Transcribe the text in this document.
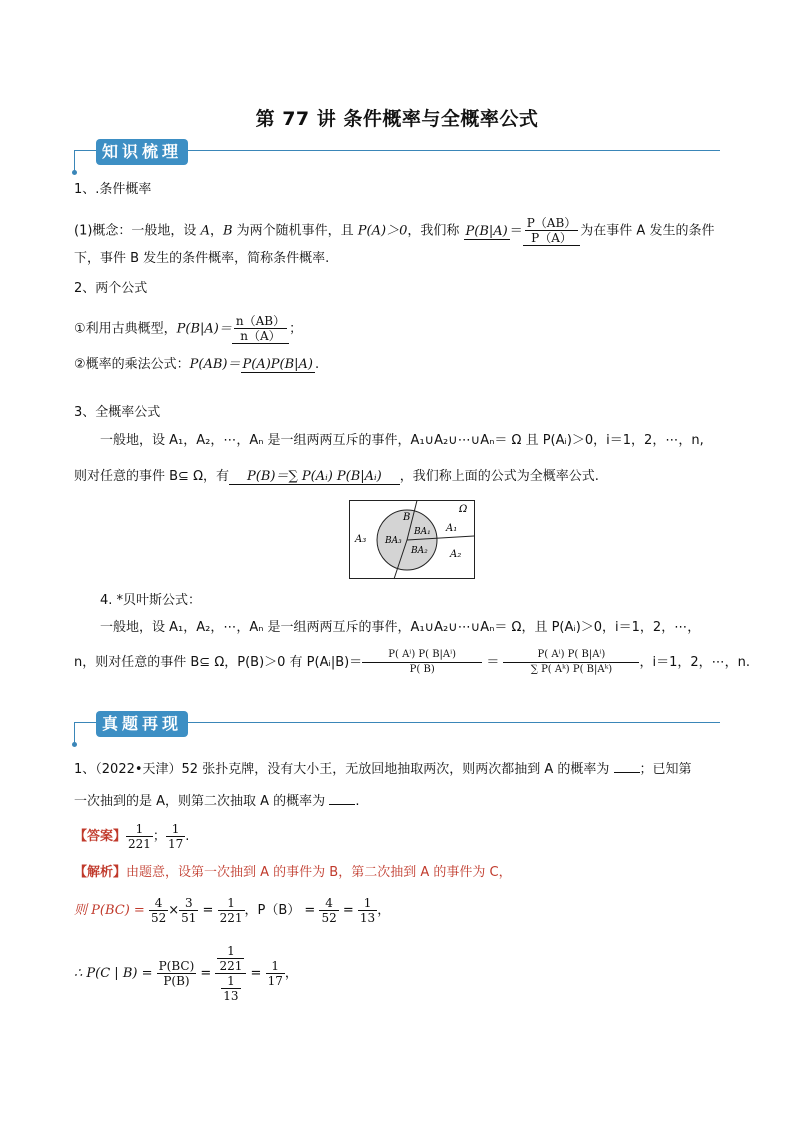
第 77 讲 条件概率与全概率公式
知识梳理
1、.条件概率
(1)概念：一般地，设 A，B 为两个随机事件，且 P(A)＞0，我们称 $P(B|A) = \frac{P(AB)}{P(A)}$ 为在事件 A 发生的条件
下，事件 B 发生的条件概率，简称条件概率.
2、两个公式
①利用古典概型，$P(B|A)= \frac{n(AB)}{n(A)}$ ；
②概率的乘法公式：P(AB)＝ P(A)P(B|A) .
3、全概率公式
一般地，设 A₁，A₂，⋯，Aₙ 是一组两两互斥的事件，A₁∪A₂∪⋯∪Aₙ＝ Ω 且 P(Aᵢ)＞0，i＝1，2，⋯，n,
则对任意的事件 B⊆ Ω，有 P(B)＝∑ P(Aᵢ) P(B|Aᵢ) ，我们称上面的公式为全概率公式.
Ω
A₁
A₂
A₃
B
BA₁
BA₂
BA₃
4. *贝叶斯公式：
一般地，设 A₁，A₂，⋯，Aₙ 是一组两两互斥的事件，A₁∪A₂∪⋯∪Aₙ＝ Ω，且 P(Aᵢ)＞0，i＝1，2，⋯，
n，则对任意的事件 B⊆ Ω，P(B)＞0 有 P(Aᵢ|B)＝ $\frac{\text{P( Aⁱ) P( B|Aⁱ)}}{P( B)} = \frac{\text{P( Aⁱ) P( B|Aⁱ)}}{\text{∑ P( Aᵏ) P( B|Aᵏ)}}$ ，i＝1，2，⋯，n.
真题再现
1、（2022•天津）52 张扑克牌，没有大小王，无放回地抽取两次，则两次都抽到 A 的概率为 ；已知第
一次抽到的是 A，则第二次抽取 A 的概率为 .
【答案】 $\frac{1}{221}$ ； $\frac{1}{17}$ .
【解析】由题意，设第一次抽到 A 的事件为 B，第二次抽到 A 的事件为 C，
则 $P(BC) = \frac{4}{52} \times \frac{3}{51} = \frac{1}{221}$ ，$P(B) = \frac{4}{52} = \frac{1}{13}$ ，
∴ P(C | $B) = \frac{P(BC)}{P(B)} = \frac{\frac{1}{221}}{\frac{1}{13}} = \frac{1}{17}$ ，
